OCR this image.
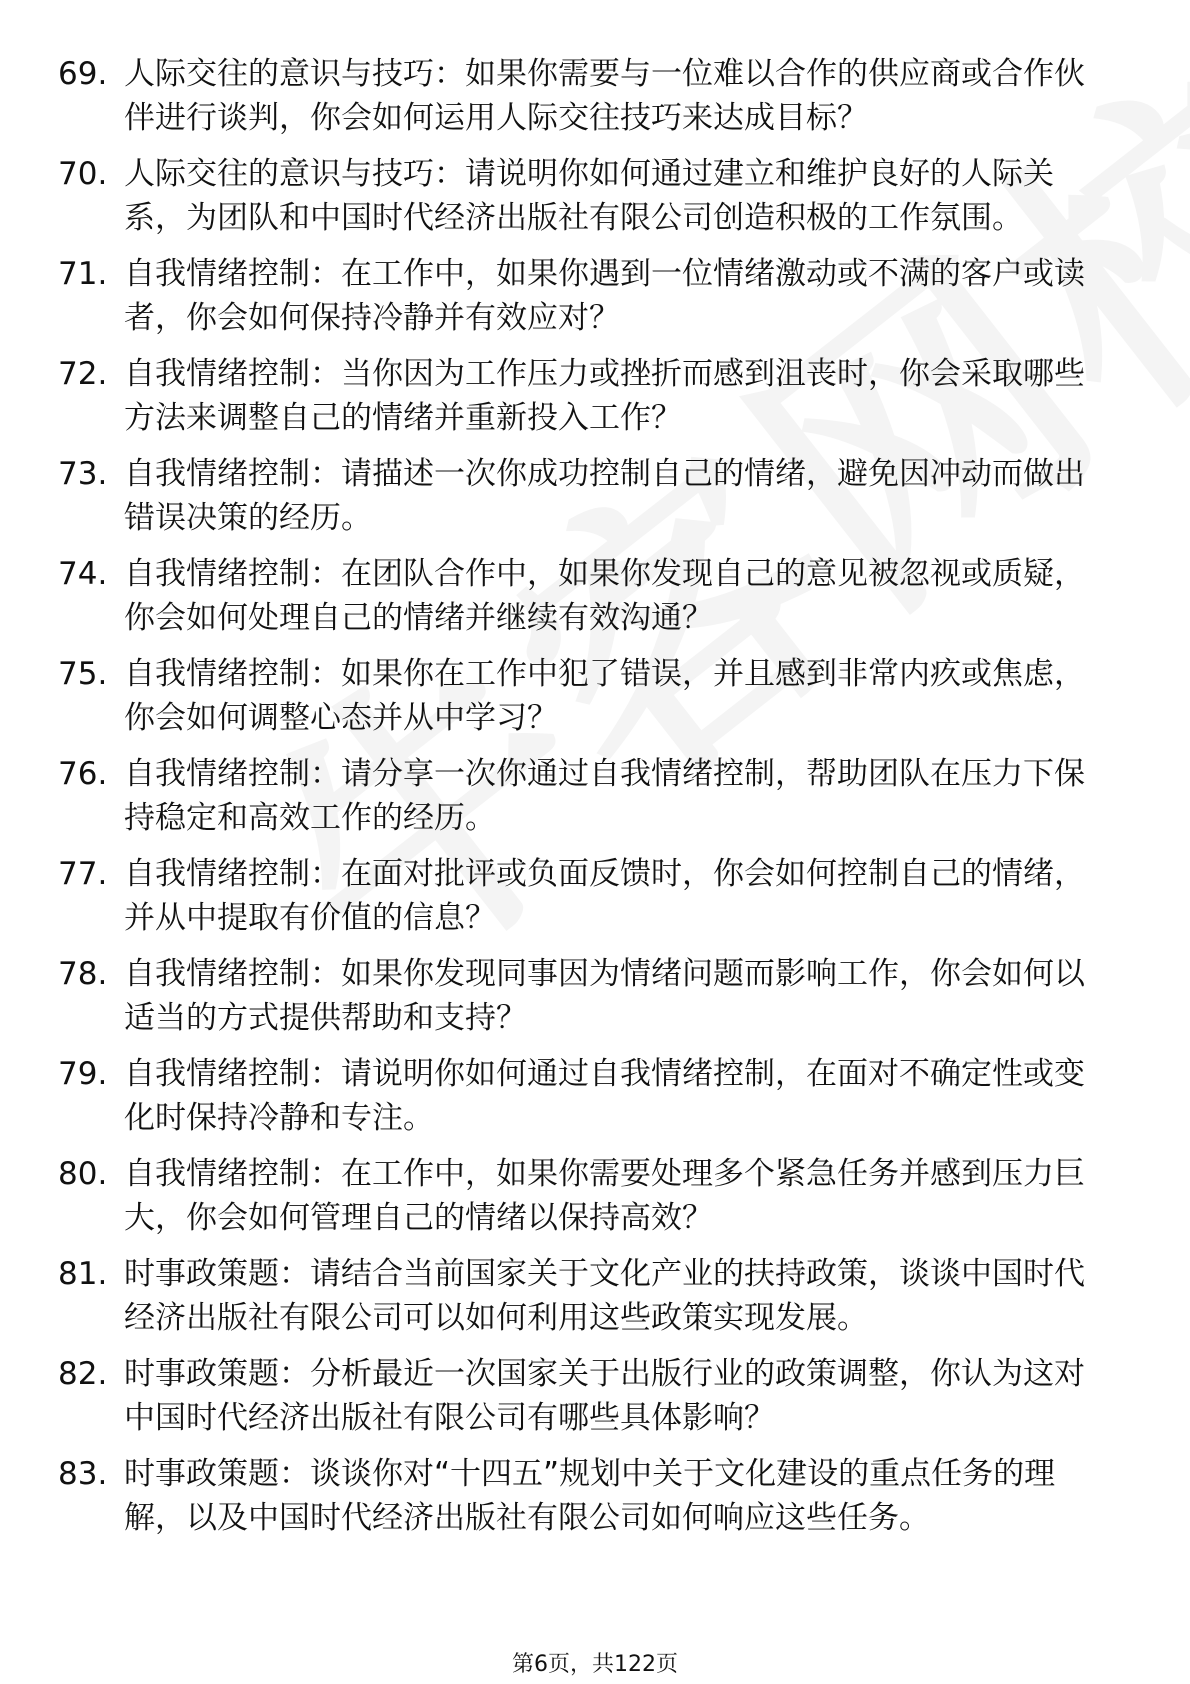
69. 人际交往的意识与技巧：如果你需要与一位难以合作的供应商或合作伙伴进行谈判，你会如何运用人际交往技巧来达成目标？
70. 人际交往的意识与技巧：请说明你如何通过建立和维护良好的人际关系，为团队和中国时代经济出版社有限公司创造积极的工作氛围。
71. 自我情绪控制：在工作中，如果你遇到一位情绪激动或不满的客户或读者，你会如何保持冷静并有效应对？
72. 自我情绪控制：当你因为工作压力或挫折而感到沮丧时，你会采取哪些方法来调整自己的情绪并重新投入工作？
73. 自我情绪控制：请描述一次你成功控制自己的情绪，避免因冲动而做出错误决策的经历。
74. 自我情绪控制：在团队合作中，如果你发现自己的意见被忽视或质疑，你会如何处理自己的情绪并继续有效沟通？
75. 自我情绪控制：如果你在工作中犯了错误，并且感到非常内疚或焦虑，你会如何调整心态并从中学习？
76. 自我情绪控制：请分享一次你通过自我情绪控制，帮助团队在压力下保持稳定和高效工作的经历。
77. 自我情绪控制：在面对批评或负面反馈时，你会如何控制自己的情绪，并从中提取有价值的信息？
78. 自我情绪控制：如果你发现同事因为情绪问题而影响工作，你会如何以适当的方式提供帮助和支持？
79. 自我情绪控制：请说明你如何通过自我情绪控制，在面对不确定性或变化时保持冷静和专注。
80. 自我情绪控制：在工作中，如果你需要处理多个紧急任务并感到压力巨大，你会如何管理自己的情绪以保持高效？
81. 时事政策题：请结合当前国家关于文化产业的扶持政策，谈谈中国时代经济出版社有限公司可以如何利用这些政策实现发展。
82. 时事政策题：分析最近一次国家关于出版行业的政策调整，你认为这对中国时代经济出版社有限公司有哪些具体影响？
83. 时事政策题：谈谈你对“十四五”规划中关于文化建设的重点任务的理解，以及中国时代经济出版社有限公司如何响应这些任务。
第6页，共122页
